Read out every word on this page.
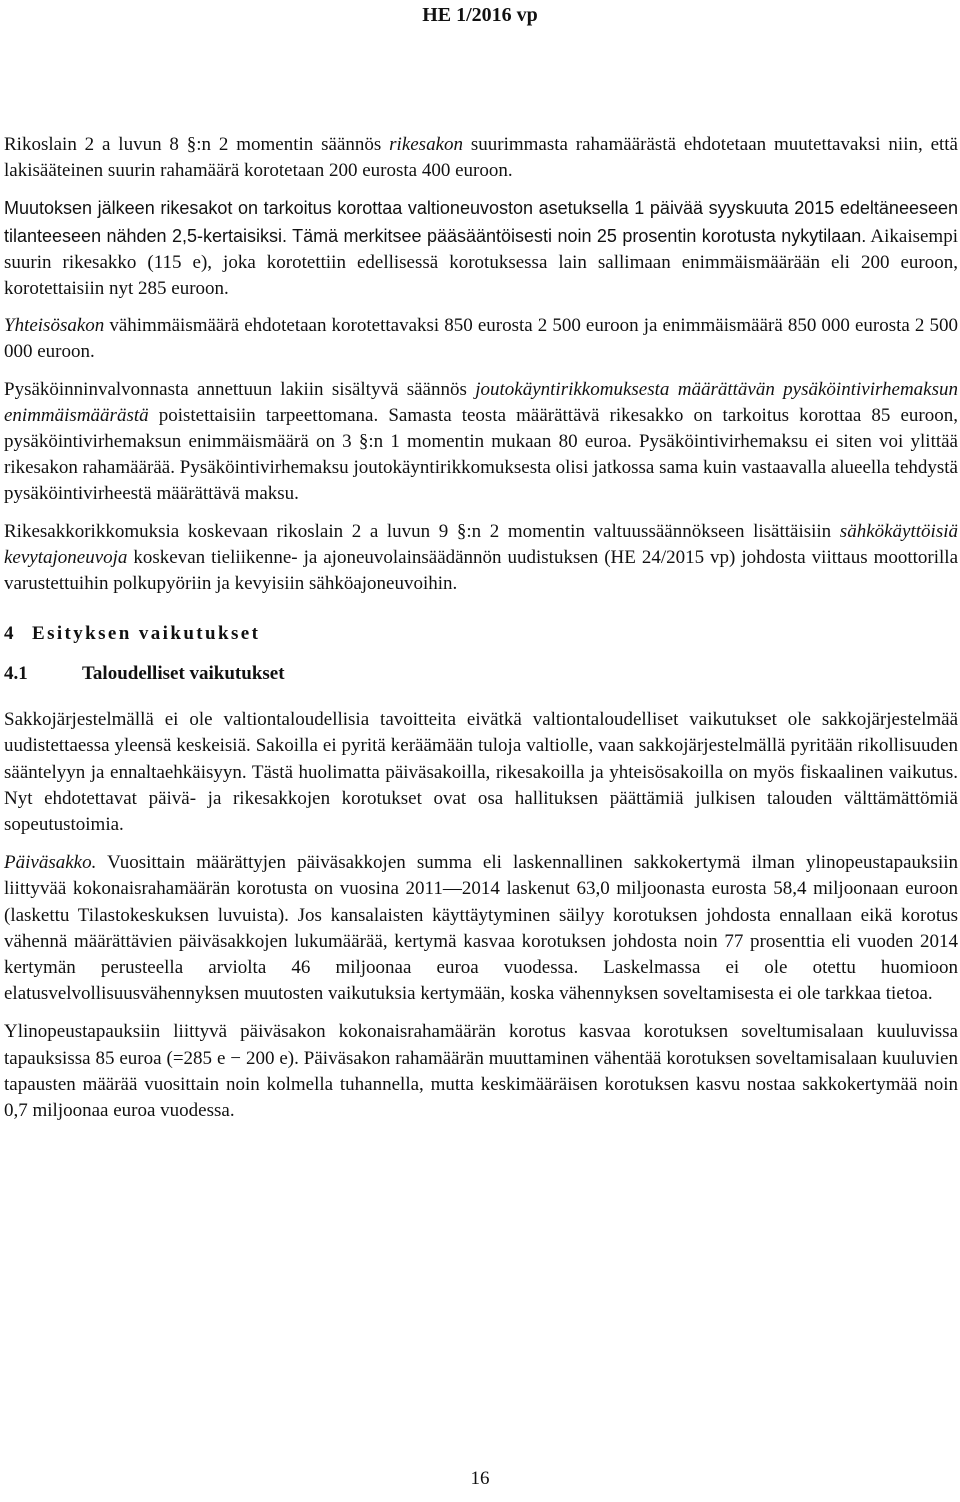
HE 1/2016 vp

Rikoslain 2 a luvun 8 §:n 2 momentin säännös rikesakon suurimmasta rahamäärästä ehdotetaan muutettavaksi niin, että lakisääteinen suurin rahamäärä korotetaan 200 eurosta 400 euroon.

Muutoksen jälkeen rikesakot on tarkoitus korottaa valtioneuvoston asetuksella 1 päivää syyskuuta 2015 edeltäneeseen tilanteeseen nähden 2,5-kertaisiksi. Tämä merkitsee pääsääntöisesti noin 25 prosentin korotusta nykytilaan. Aikaisempi suurin rikesakko (115 e), joka korotettiin edellisessä korotuksessa lain sallimaan enimmäismäärään eli 200 euroon, korotettaisiin nyt 285 euroon.

Yhteisösakon vähimmäismäärä ehdotetaan korotettavaksi 850 eurosta 2 500 euroon ja enimmäismäärä 850 000 eurosta 2 500 000 euroon.

Pysäköinninvalvonnasta annettuun lakiin sisältyvä säännös joutokäyntirikkomuksesta määrättävän pysäköintivirhemaksun enimmäismäärästä poistettaisiin tarpeettomana. Samasta teosta määrättävä rikesakko on tarkoitus korottaa 85 euroon, pysäköintivirhemaksun enimmäismäärä on 3 §:n 1 momentin mukaan 80 euroa. Pysäköintivirhemaksu ei siten voi ylittää rikesakon rahamäärää. Pysäköintivirhemaksu joutokäyntirikkomuksesta olisi jatkossa sama kuin vastaavalla alueella tehdystä pysäköintivirheestä määrättävä maksu.

Rikesakkorikkomuksia koskevaan rikoslain 2 a luvun 9 §:n 2 momentin valtuussäännökseen lisättäisiin sähkökäyttöisiä kevytajoneuvoja koskevan tieliikenne- ja ajoneuvolainsäädännön uudistuksen (HE 24/2015 vp) johdosta viittaus moottorilla varustettuihin polkupyöriin ja kevyisiin sähköajoneuvoihin.

4 Esityksen vaikutukset
4.1	Taloudelliset vaikutukset

Sakkojärjestelmällä ei ole valtiontaloudellisia tavoitteita eivätkä valtiontaloudelliset vaikutukset ole sakkojärjestelmää uudistettaessa yleensä keskeisiä. Sakoilla ei pyritä keräämään tuloja valtiolle, vaan sakkojärjestelmällä pyritään rikollisuuden sääntelyyn ja ennaltaehkäisyyn. Tästä huolimatta päiväsakoilla, rikesakoilla ja yhteisösakoilla on myös fiskaalinen vaikutus. Nyt ehdotettavat päivä- ja rikesakkojen korotukset ovat osa hallituksen päättämiä julkisen talouden välttämättömiä sopeutustoimia.

Päiväsakko. Vuosittain määrättyjen päiväsakkojen summa eli laskennallinen sakkokertymä ilman ylinopeustapauksiin liittyvää kokonaisrahamäärän korotusta on vuosina 2011—2014 laskenut 63,0 miljoonasta eurosta 58,4 miljoonaan euroon (laskettu Tilastokeskuksen luvuista). Jos kansalaisten käyttäytyminen säilyy korotuksen johdosta ennallaan eikä korotus vähennä määrättävien päiväsakkojen lukumäärää, kertymä kasvaa korotuksen johdosta noin 77 prosenttia eli vuoden 2014 kertymän perusteella arviolta 46 miljoonaa euroa vuodessa. Laskelmassa ei ole otettu huomioon elatusvelvollisuusvähennyksen muutosten vaikutuksia kertymään, koska vähennyksen soveltamisesta ei ole tarkkaa tietoa.

Ylinopeustapauksiin liittyvä päiväsakon kokonaisrahamäärän korotus kasvaa korotuksen soveltumisalaan kuuluvissa tapauksissa 85 euroa (=285 e − 200 e). Päiväsakon rahamäärän muuttaminen vähentää korotuksen soveltamisalaan kuuluvien tapausten määrää vuosittain noin kolmella tuhannella, mutta keskimääräisen korotuksen kasvu nostaa sakkokertymää noin 0,7 miljoonaa euroa vuodessa.

16
